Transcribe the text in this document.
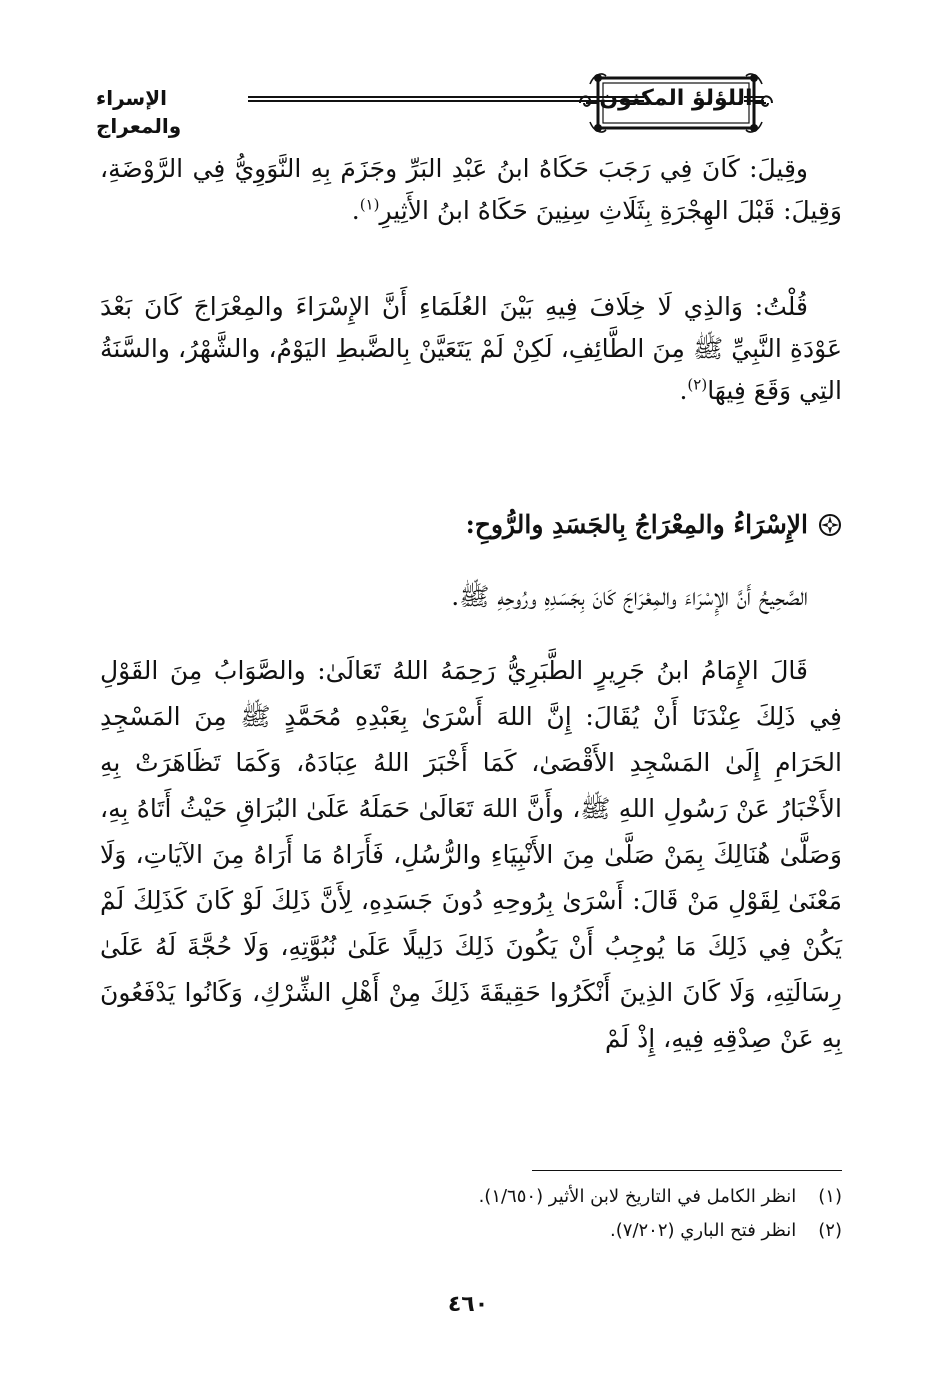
اللؤلؤ المكنون
الإسراء والمعراج

وقِيلَ: كَانَ فِي رَجَبَ حَكَاهُ ابنُ عَبْدِ البَرِّ وجَزَمَ بِهِ النَّوَوِيُّ فِي الرَّوْضَةِ، وَقِيلَ: قَبْلَ الهِجْرَةِ بِثَلَاثِ سِنِينَ حَكَاهُ ابنُ الأَثِيرِ$^{(١)}$.

قُلْتُ: وَالذِي لَا خِلَافَ فِيهِ بَيْنَ العُلَمَاءِ أَنَّ الإِسْرَاءَ والمِعْرَاجَ كَانَ بَعْدَ عَوْدَةِ النَّبِيِّ ﷺ مِنَ الطَّائِفِ، لَكِنْ لَمْ يَتَعَيَّنْ بِالضَّبطِ اليَوْمُ، والشَّهْرُ، والسَّنَةُ التِي وَقَعَ فِيهَا$^{(٢)}$.

الإِسْرَاءُ والمِعْرَاجُ بِالجَسَدِ والرُّوحِ:

الصَّحِيحُ أَنَّ الإِسْرَاءَ والمِعْرَاجَ كَانَ بِجَسَدِهِ ورُوحِهِ ﷺ.

قَالَ الإِمَامُ ابنُ جَرِيرٍ الطَّبَرِيُّ رَحِمَهُ اللهُ تَعَالَىٰ: والصَّوَابُ مِنَ القَوْلِ فِي ذَلِكَ عِنْدَنَا أَنْ يُقَالَ: إِنَّ اللهَ أَسْرَىٰ بِعَبْدِهِ مُحَمَّدٍ ﷺ مِنَ المَسْجِدِ الحَرَامِ إِلَىٰ المَسْجِدِ الأَقْصَىٰ، كَمَا أَخْبَرَ اللهُ عِبَادَهُ، وَكَمَا تَظَاهَرَتْ بِهِ الأَخْبَارُ عَنْ رَسُولِ اللهِ ﷺ، وأَنَّ اللهَ تَعَالَىٰ حَمَلَهُ عَلَىٰ البُرَاقِ حَيْثُ أَتَاهُ بِهِ، وَصَلَّىٰ هُنَالِكَ بِمَنْ صَلَّىٰ مِنَ الأَنْبِيَاءِ والرُّسُلِ، فَأَرَاهُ مَا أَرَاهُ مِنَ الآيَاتِ، وَلَا مَعْنَىٰ لِقَوْلِ مَنْ قَالَ: أَسْرَىٰ بِرُوحِهِ دُونَ جَسَدِهِ، لِأَنَّ ذَلِكَ لَوْ كَانَ كَذَلِكَ لَمْ يَكُنْ فِي ذَلِكَ مَا يُوجِبُ أَنْ يَكُونَ ذَلِكَ دَلِيلًا عَلَىٰ نُبُوَّتِهِ، وَلَا حُجَّةَ لَهُ عَلَىٰ رِسَالَتِهِ، وَلَا كَانَ الذِينَ أَنْكَرُوا حَقِيقَةَ ذَلِكَ مِنْ أَهْلِ الشِّرْكِ، وَكَانُوا يَدْفَعُونَ بِهِ عَنْ صِدْقِهِ فِيهِ، إِذْ لَمْ

(١) انظر الكامل في التاريخ لابن الأثير (١/٦٥٠).
(٢) انظر فتح الباري (٧/٢٠٢).
٤٦٠
